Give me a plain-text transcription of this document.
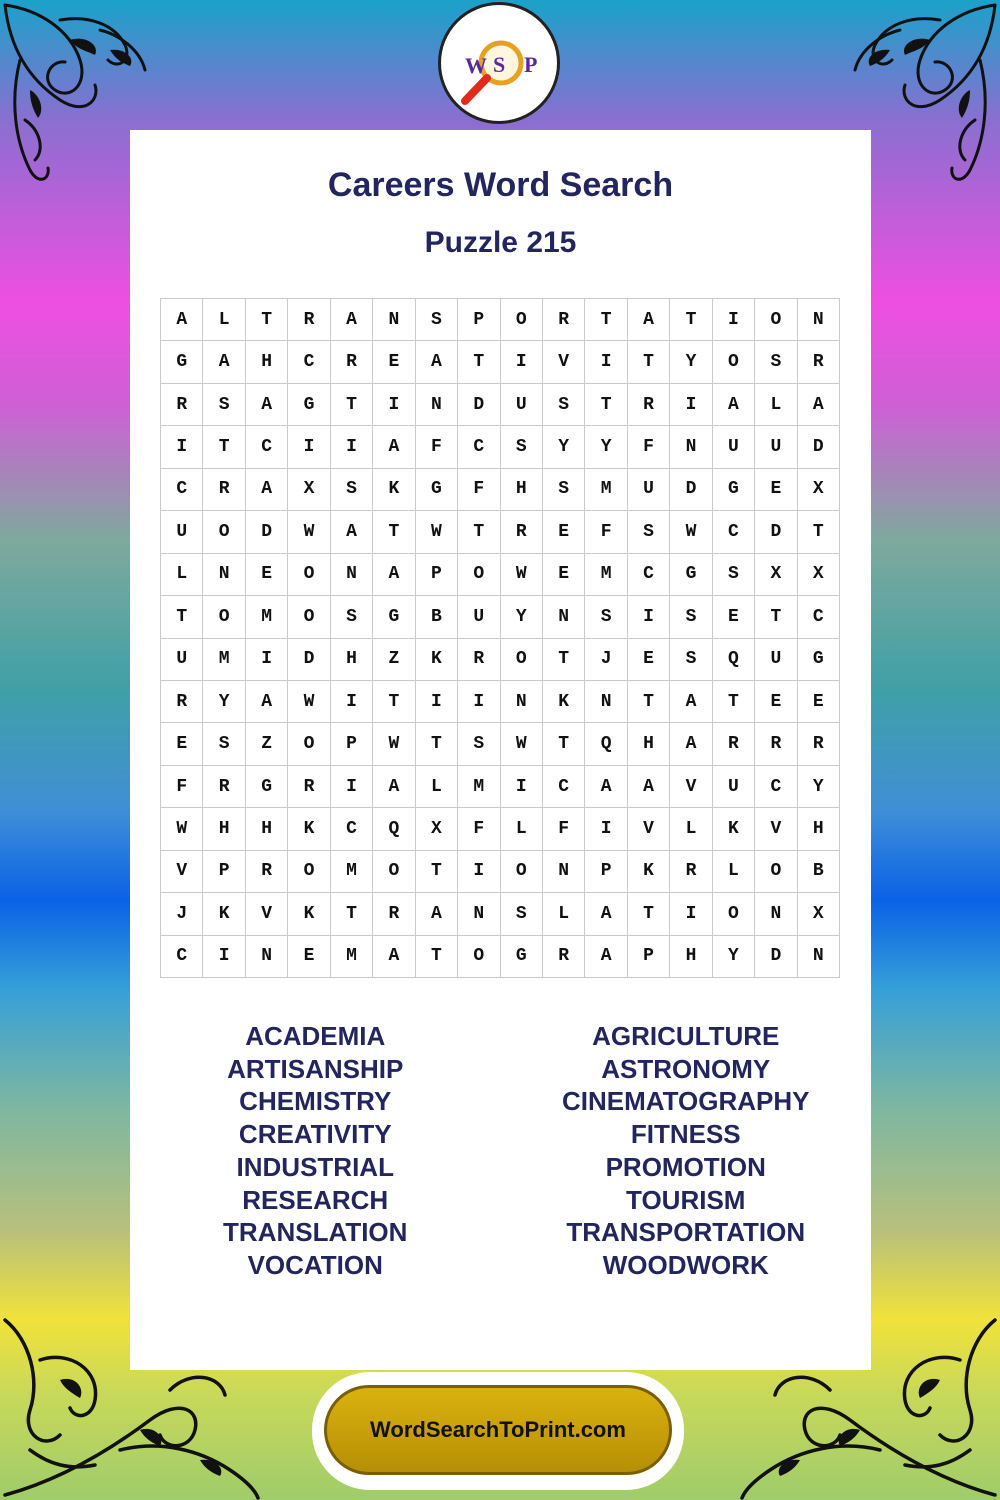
W S P
Careers Word Search
Puzzle 215
A	L	T	R	A	N	S	P	O	R	T	A	T	I	O	N
G	A	H	C	R	E	A	T	I	V	I	T	Y	O	S	R
R	S	A	G	T	I	N	D	U	S	T	R	I	A	L	A
I	T	C	I	I	A	F	C	S	Y	Y	F	N	U	U	D
C	R	A	X	S	K	G	F	H	S	M	U	D	G	E	X
U	O	D	W	A	T	W	T	R	E	F	S	W	C	D	T
L	N	E	O	N	A	P	O	W	E	M	C	G	S	X	X
T	O	M	O	S	G	B	U	Y	N	S	I	S	E	T	C
U	M	I	D	H	Z	K	R	O	T	J	E	S	Q	U	G
R	Y	A	W	I	T	I	I	N	K	N	T	A	T	E	E
E	S	Z	O	P	W	T	S	W	T	Q	H	A	R	R	R
F	R	G	R	I	A	L	M	I	C	A	A	V	U	C	Y
W	H	H	K	C	Q	X	F	L	F	I	V	L	K	V	H
V	P	R	O	M	O	T	I	O	N	P	K	R	L	O	B
J	K	V	K	T	R	A	N	S	L	A	T	I	O	N	X
C	I	N	E	M	A	T	O	G	R	A	P	H	Y	D	N
ACADEMIA
ARTISANSHIP
CHEMISTRY
CREATIVITY
INDUSTRIAL
RESEARCH
TRANSLATION
VOCATION
AGRICULTURE
ASTRONOMY
CINEMATOGRAPHY
FITNESS
PROMOTION
TOURISM
TRANSPORTATION
WOODWORK
WordSearchToPrint.com
